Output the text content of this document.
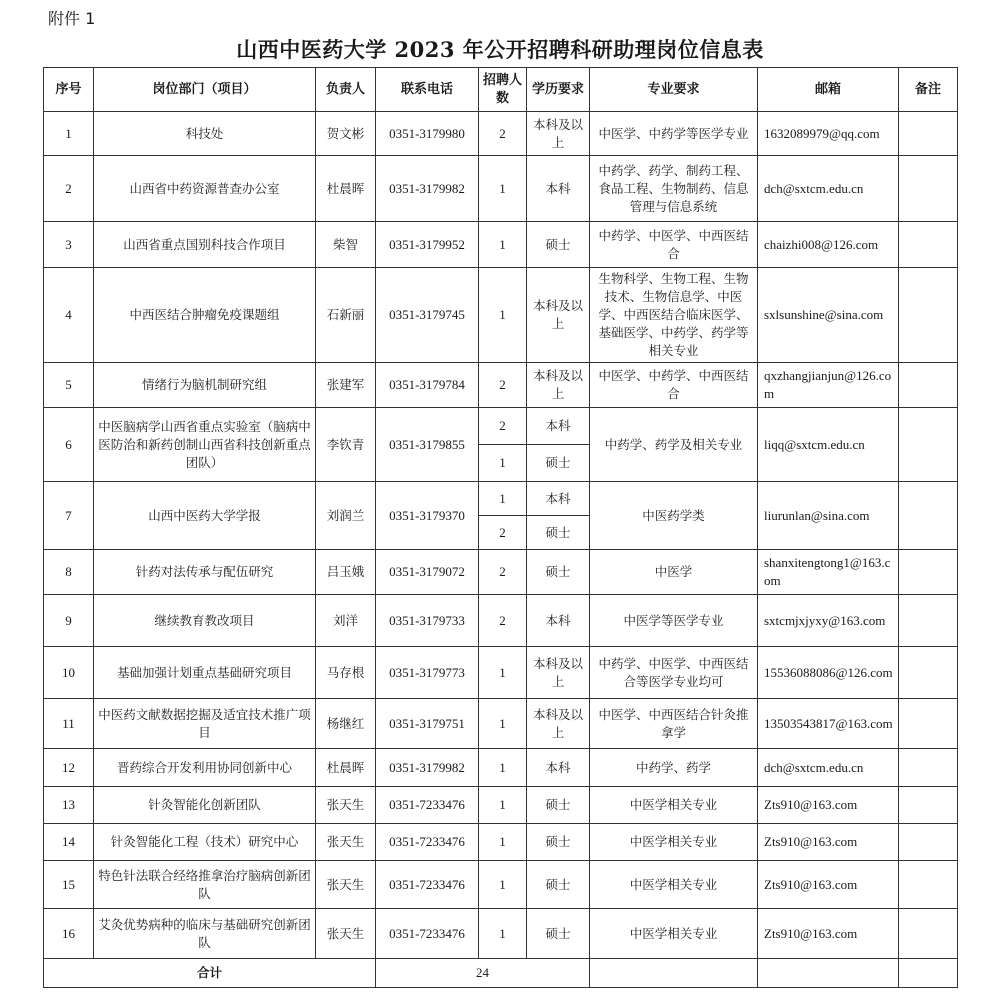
附件 1
山西中医药大学 2023 年公开招聘科研助理岗位信息表
序号	岗位部门（项目）	负责人	联系电话	招聘人数	学历要求	专业要求	邮箱	备注
1	科技处	贺文彬	0351-3179980	2	本科及以上	中医学、中药学等医学专业	1632089979@qq.com	
2	山西省中药资源普查办公室	杜晨晖	0351-3179982	1	本科	中药学、药学、制药工程、食品工程、生物制药、信息管理与信息系统	dch@sxtcm.edu.cn	
3	山西省重点国别科技合作项目	柴智	0351-3179952	1	硕士	中药学、中医学、中西医结合	chaizhi008@126.com	
4	中西医结合肿瘤免疫课题组	石新丽	0351-3179745	1	本科及以上	生物科学、生物工程、生物技术、生物信息学、中医学、中西医结合临床医学、基础医学、中药学、药学等相关专业	sxlsunshine@sina.com	
5	情绪行为脑机制研究组	张建军	0351-3179784	2	本科及以上	中医学、中药学、中西医结合	qxzhangjianjun@126.com	
6	中医脑病学山西省重点实验室（脑病中医防治和新药创制山西省科技创新重点团队）	李钦青	0351-3179855	2	本科	中药学、药学及相关专业	liqq@sxtcm.edu.cn	
				1	硕士			
7	山西中医药大学学报	刘润兰	0351-3179370	1	本科	中医药学类	liurunlan@sina.com	
				2	硕士			
8	针药对法传承与配伍研究	吕玉娥	0351-3179072	2	硕士	中医学	shanxitengtong1@163.com	
9	继续教育教改项目	刘洋	0351-3179733	2	本科	中医学等医学专业	sxtcmjxjyxy@163.com	
10	基础加强计划重点基础研究项目	马存根	0351-3179773	1	本科及以上	中药学、中医学、中西医结合等医学专业均可	15536088086@126.com	
11	中医药文献数据挖掘及适宜技术推广项目	杨继红	0351-3179751	1	本科及以上	中医学、中西医结合针灸推拿学	13503543817@163.com	
12	晋药综合开发利用协同创新中心	杜晨晖	0351-3179982	1	本科	中药学、药学	dch@sxtcm.edu.cn	
13	针灸智能化创新团队	张天生	0351-7233476	1	硕士	中医学相关专业	Zts910@163.com	
14	针灸智能化工程（技术）研究中心	张天生	0351-7233476	1	硕士	中医学相关专业	Zts910@163.com	
15	特色针法联合经络推拿治疗脑病创新团队	张天生	0351-7233476	1	硕士	中医学相关专业	Zts910@163.com	
16	艾灸优势病种的临床与基础研究创新团队	张天生	0351-7233476	1	硕士	中医学相关专业	Zts910@163.com	
合计			24					
